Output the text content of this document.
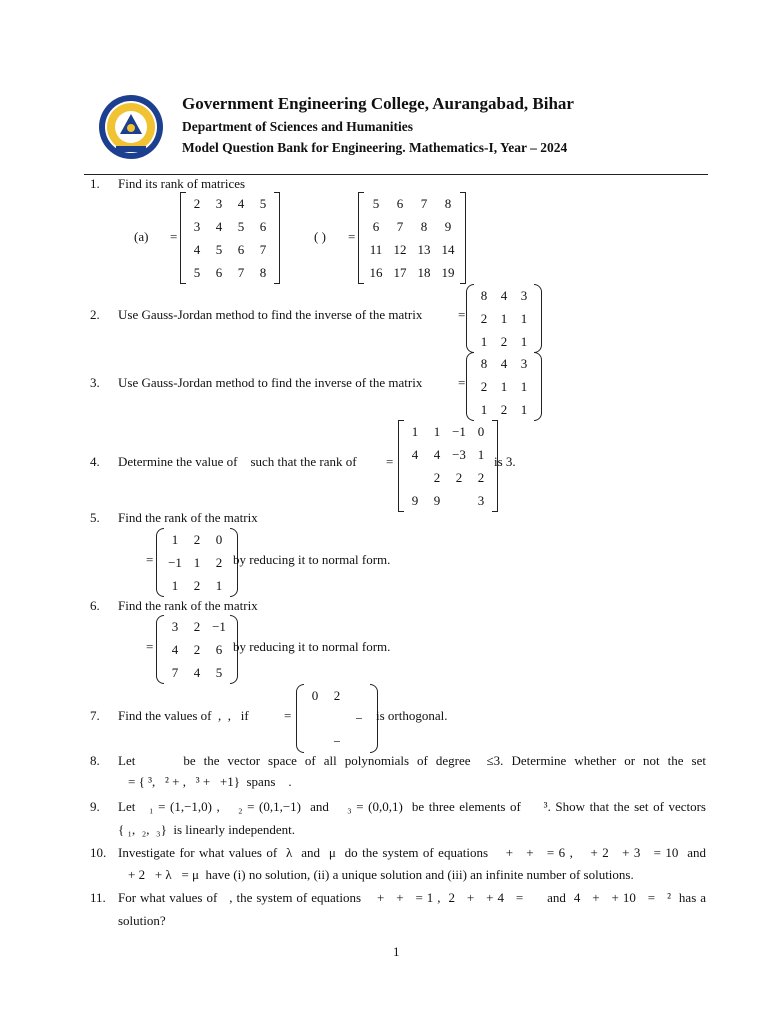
Government Engineering College, Aurangabad, Bihar
Department of Sciences and Humanities
Model Question Bank for Engineering. Mathematics-I, Year – 2024
1. Find its rank of matrices
(a) =
2	3	4	5
3	4	5	6
4	5	6	7
5	6	7	8
( ) =
5	6	7	8
6	7	8	9
11	12	13	14
16	17	18	19
2. Use Gauss-Jordan method to find the inverse of the matrix	=
8	4	3
2	1	1
1	2	1
3. Use Gauss-Jordan method to find the inverse of the matrix	=
8	4	3
2	1	1
1	2	1
4. Determine the value of    such that the rank of =
1	1	−1	0
4	4	−3	1
	2	2	2
9	9		3
is 3.
5. Find the rank of the matrix
=
1	2	0
−1	1	2
1	2	1
by reducing it to normal form.
6. Find the rank of the matrix
=
3	2	−1
4	2	6
7	4	5
by reducing it to normal form.
7. Find the values of  ,  ,   if	=
0	2	
		−
	−	
is orthogonal.
8. Let      be the vector space of all polynomials of degree  ≤3. Determine whether or not the set
= { ³,   ² + ,   ³ +   +1}  spans    .
9. Let   ₁ = (1,−1,0) ,    ₂ = (0,1,−1)  and    ₃ = (0,0,1)  be three elements of     ³. Show that the set of vectors
{ ₁,  ₂,  ₃}  is linearly independent.
10. Investigate for what values of  λ  and  μ  do the system of equations    +   +   = 6 ,    + 2   + 3   = 10  and
+ 2   + λ   = μ  have (i) no solution, (ii) a unique solution and (iii) an infinite number of solutions.
11. For what values of   , the system of equations    +   +   = 1 ,  2   +   + 4   =      and  4   +   + 10   =   ²  has a
solution?
1
